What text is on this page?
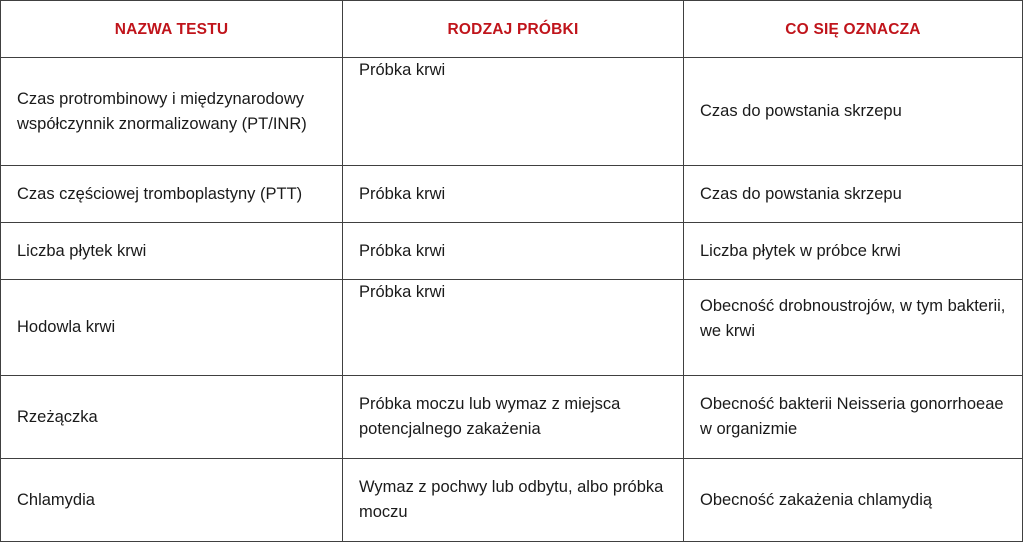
NAZWA TESTU	RODZAJ PRÓBKI	CO SIĘ OZNACZA
Czas protrombinowy i międzynarodowy współczynnik znormalizowany (PT/INR)	Próbka krwi	Czas do powstania skrzepu
Czas częściowej tromboplastyny (PTT)	Próbka krwi	Czas do powstania skrzepu
Liczba płytek krwi	Próbka krwi	Liczba płytek w próbce krwi
Hodowla krwi	Próbka krwi	Obecność drobnoustrojów, w tym bakterii, we krwi
Rzeżączka	Próbka moczu lub wymaz z miejsca potencjalnego zakażenia	Obecność bakterii Neisseria gonorrhoeae w organizmie
Chlamydia	Wymaz z pochwy lub odbytu, albo próbka moczu	Obecność zakażenia chlamydią
